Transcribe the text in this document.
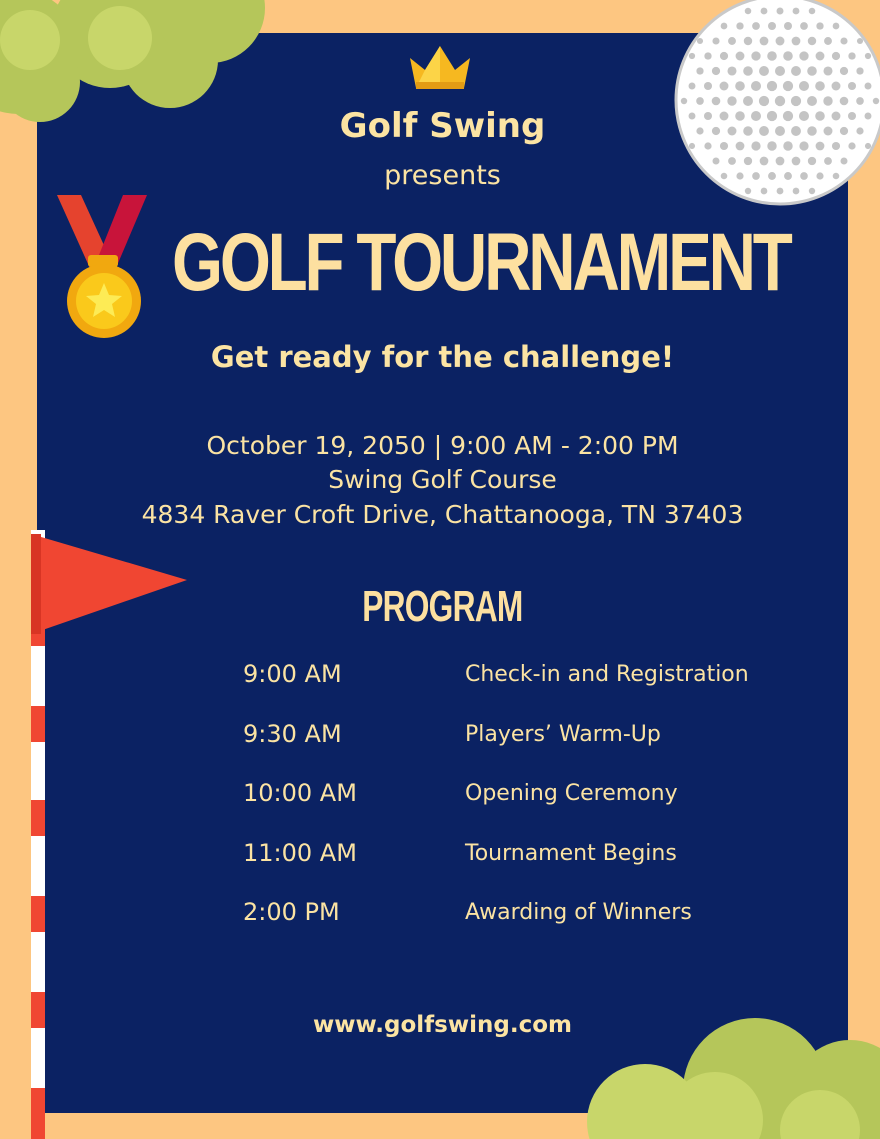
Golf Swing
presents
GOLF TOURNAMENT
Get ready for the challenge!
October 19, 2050 | 9:00 AM - 2:00 PM
Swing Golf Course
4834 Raver Croft Drive, Chattanooga, TN 37403
PROGRAM
9:00 AM	Check-in and Registration
9:30 AM	Players’ Warm-Up
10:00 AM	Opening Ceremony
11:00 AM	Tournament Begins
2:00 PM	Awarding of Winners
www.golfswing.com
